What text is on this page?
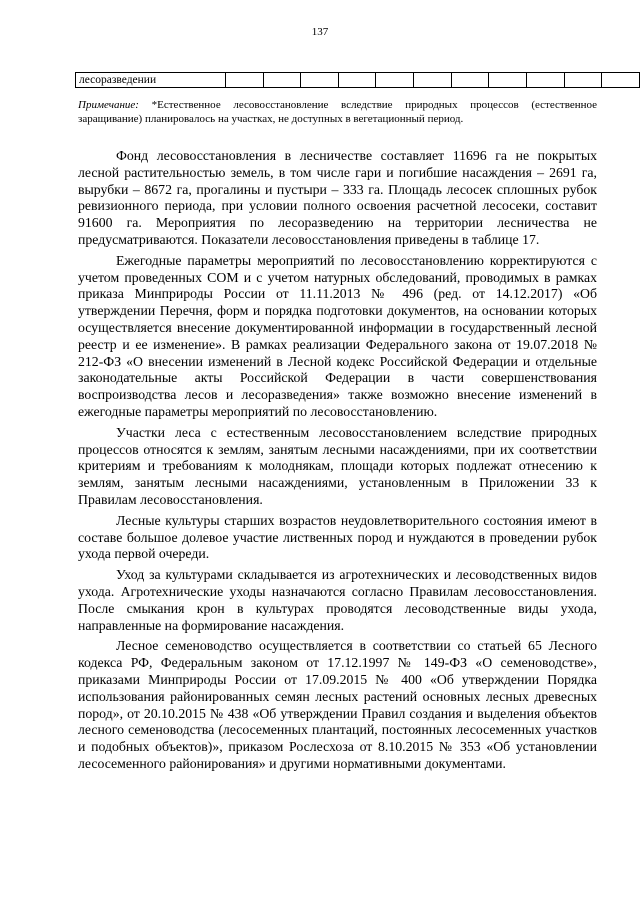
137
лесоразведении											
Примечание: *Естественное лесовосстановление вследствие природных процессов (естественное заращивание) планировалось на участках, не доступных в вегетационный период.

Фонд лесовосстановления в лесничестве составляет 11696 га не покрытых лесной растительностью земель, в том числе гари и погибшие насаждения – 2691 га, вырубки – 8672 га, прогалины и пустыри – 333 га. Площадь лесосек сплошных рубок ревизионного периода, при условии полного освоения расчетной лесосеки, составит 91600 га. Мероприятия по лесоразведению на территории лесничества не предусматриваются. Показатели лесовосстановления приведены в таблице 17.

Ежегодные параметры мероприятий по лесовосстановлению корректируются с учетом проведенных СОМ и с учетом натурных обследований, проводимых в рамках приказа Минприроды России от 11.11.2013 № 496 (ред. от 14.12.2017) «Об утверждении Перечня, форм и порядка подготовки документов, на основании которых осуществляется внесение документированной информации в государственный лесной реестр и ее изменение». В рамках реализации Федерального закона от 19.07.2018 № 212-ФЗ «О внесении изменений в Лесной кодекс Российской Федерации и отдельные законодательные акты Российской Федерации в части совершенствования воспроизводства лесов и лесоразведения» также возможно внесение изменений в ежегодные параметры мероприятий по лесовосстановлению.

Участки леса с естественным лесовосстановлением вследствие природных процессов относятся к землям, занятым лесными насаждениями, при их соответствии критериям и требованиям к молоднякам, площади которых подлежат отнесению к землям, занятым лесными насаждениями, установленным в Приложении 33 к Правилам лесовосстановления.

Лесные культуры старших возрастов неудовлетворительного состояния имеют в составе большое долевое участие лиственных пород и нуждаются в проведении рубок ухода первой очереди.

Уход за культурами складывается из агротехнических и лесоводственных видов ухода. Агротехнические уходы назначаются согласно Правилам лесовосстановления. После смыкания крон в культурах проводятся лесоводственные виды ухода, направленные на формирование насаждения.

Лесное семеноводство осуществляется в соответствии со статьей 65 Лесного кодекса РФ, Федеральным законом от 17.12.1997 № 149-ФЗ «О семеноводстве», приказами Минприроды России от 17.09.2015 № 400 «Об утверждении Порядка использования районированных семян лесных растений основных лесных древесных пород», от 20.10.2015 № 438 «Об утверждении Правил создания и выделения объектов лесного семеноводства (лесосеменных плантаций, постоянных лесосеменных участков и подобных объектов)», приказом Рослесхоза от 8.10.2015 № 353 «Об установлении лесосеменного районирования» и другими нормативными документами.
